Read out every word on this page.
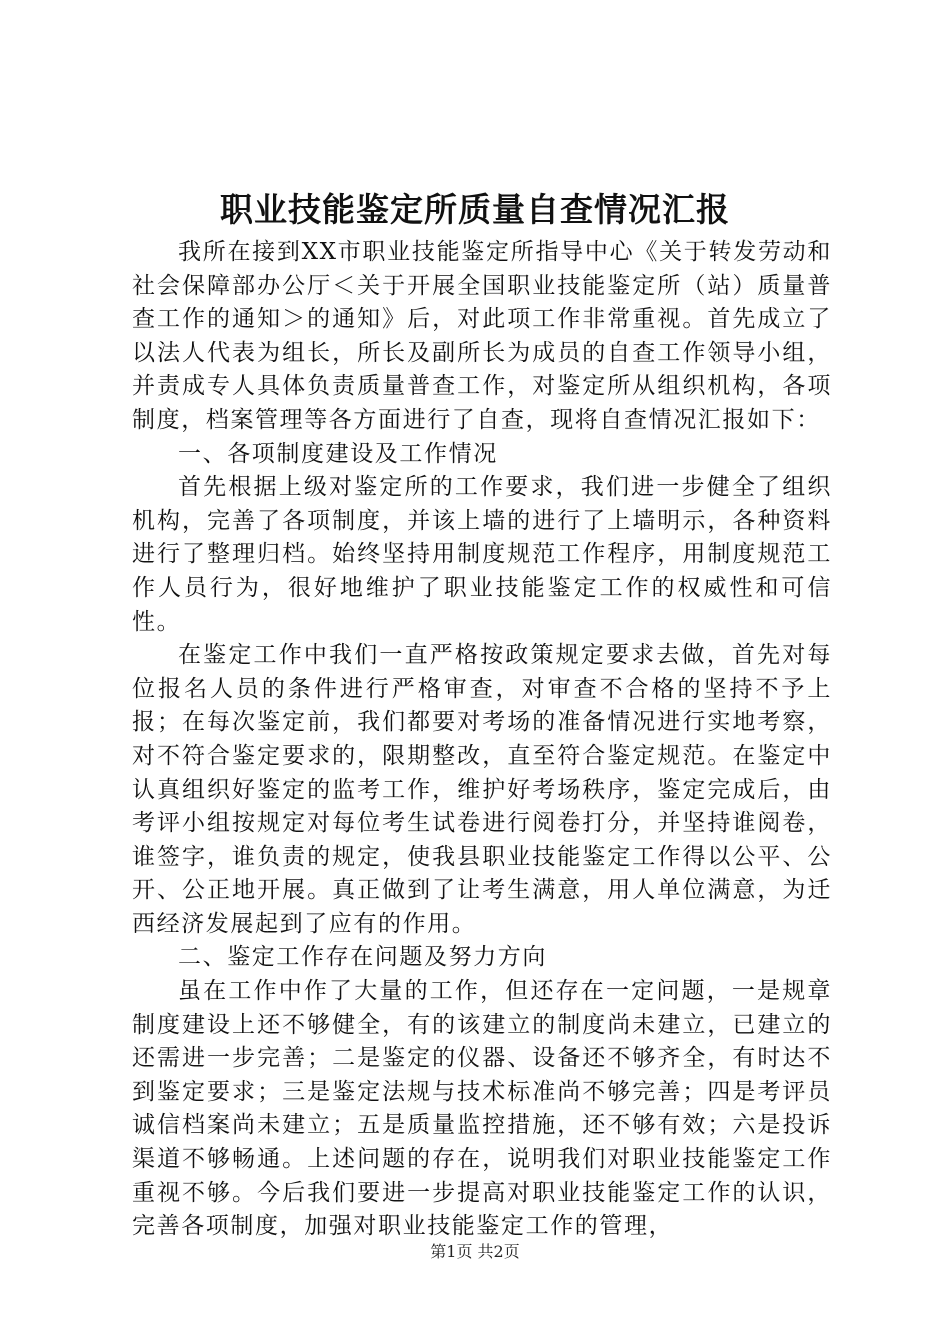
职业技能鉴定所质量自查情况汇报

我所在接到XX市职业技能鉴定所指导中心《关于转发劳动和社会保障部办公厅＜关于开展全国职业技能鉴定所（站）质量普查工作的通知＞的通知》后，对此项工作非常重视。首先成立了以法人代表为组长，所长及副所长为成员的自查工作领导小组，并责成专人具体负责质量普查工作，对鉴定所从组织机构，各项制度，档案管理等各方面进行了自查，现将自查情况汇报如下：

一、各项制度建设及工作情况

首先根据上级对鉴定所的工作要求，我们进一步健全了组织机构，完善了各项制度，并该上墙的进行了上墙明示，各种资料进行了整理归档。始终坚持用制度规范工作程序，用制度规范工作人员行为，很好地维护了职业技能鉴定工作的权威性和可信性。

在鉴定工作中我们一直严格按政策规定要求去做，首先对每位报名人员的条件进行严格审查，对审查不合格的坚持不予上报；在每次鉴定前，我们都要对考场的准备情况进行实地考察，对不符合鉴定要求的，限期整改，直至符合鉴定规范。在鉴定中认真组织好鉴定的监考工作，维护好考场秩序，鉴定完成后，由考评小组按规定对每位考生试卷进行阅卷打分，并坚持谁阅卷，谁签字，谁负责的规定，使我县职业技能鉴定工作得以公平、公开、公正地开展。真正做到了让考生满意，用人单位满意，为迁西经济发展起到了应有的作用。

二、鉴定工作存在问题及努力方向

虽在工作中作了大量的工作，但还存在一定问题，一是规章制度建设上还不够健全，有的该建立的制度尚未建立，已建立的还需进一步完善；二是鉴定的仪器、设备还不够齐全，有时达不到鉴定要求；三是鉴定法规与技术标准尚不够完善；四是考评员诚信档案尚未建立；五是质量监控措施，还不够有效；六是投诉渠道不够畅通。上述问题的存在，说明我们对职业技能鉴定工作重视不够。今后我们要进一步提高对职业技能鉴定工作的认识，完善各项制度，加强对职业技能鉴定工作的管理，

第1页 共2页
